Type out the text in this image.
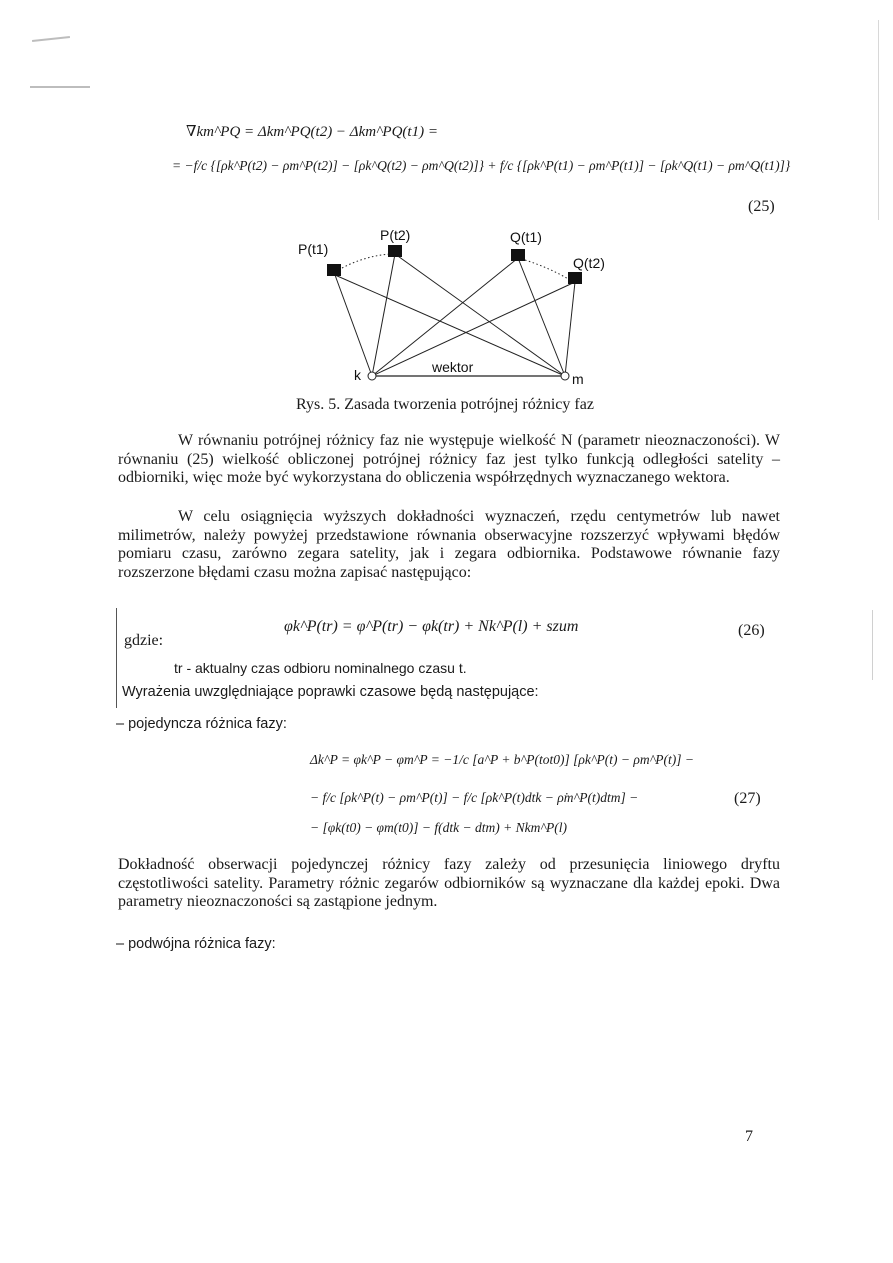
∇km^PQ = Δkm^PQ(t2) − Δkm^PQ(t1) =
= −f/c {[ρk^P(t2) − ρm^P(t2)] − [ρk^Q(t2) − ρm^Q(t2)]} + f/c {[ρk^P(t1) − ρm^P(t1)] − [ρk^Q(t1) − ρm^Q(t1)]}
(25)
P(t1)
P(t2)	Q(t1)
Q(t2)
k	m
wektor
Rys. 5. Zasada tworzenia potrójnej różnicy faz
W równaniu potrójnej różnicy faz nie występuje wielkość N (parametr nieoznaczoności). W równaniu (25) wielkość obliczonej potrójnej różnicy faz jest tylko funkcją odległości satelity – odbiorniki, więc może być wykorzystana do obliczenia współrzędnych wyznaczanego wektora.
W celu osiągnięcia wyższych dokładności wyznaczeń, rzędu centymetrów lub nawet milimetrów, należy powyżej przedstawione równania obserwacyjne rozszerzyć wpływami błędów pomiaru czasu, zarówno zegara satelity, jak i zegara odbiornika. Podstawowe równanie fazy rozszerzone błędami czasu można zapisać następująco:
φk^P(tr) = φ^P(tr) − φk(tr) + Nk^P(l) + szum	(26)
gdzie:
tr - aktualny czas odbioru nominalnego czasu t.
Wyrażenia uwzględniające poprawki czasowe będą następujące:
– pojedyncza różnica fazy:
Δk^P = φk^P − φm^P = −1/c [a^P + b^P(tot0)] [ρk^P(t) − ρm^P(t)] −
− f/c [ρk^P(t) − ρm^P(t)] − f/c [ρ̇k^P(t)dtk − ρ̇m^P(t)dtm] −
− [φk(t0) − φm(t0)] − f(dtk − dtm) + Nkm^P(l)
(27)
Dokładność obserwacji pojedynczej różnicy fazy zależy od przesunięcia liniowego dryftu częstotliwości satelity. Parametry różnic zegarów odbiorników są wyznaczane dla każdej epoki. Dwa parametry nieoznaczoności są zastąpione jednym.
– podwójna różnica fazy:
7
